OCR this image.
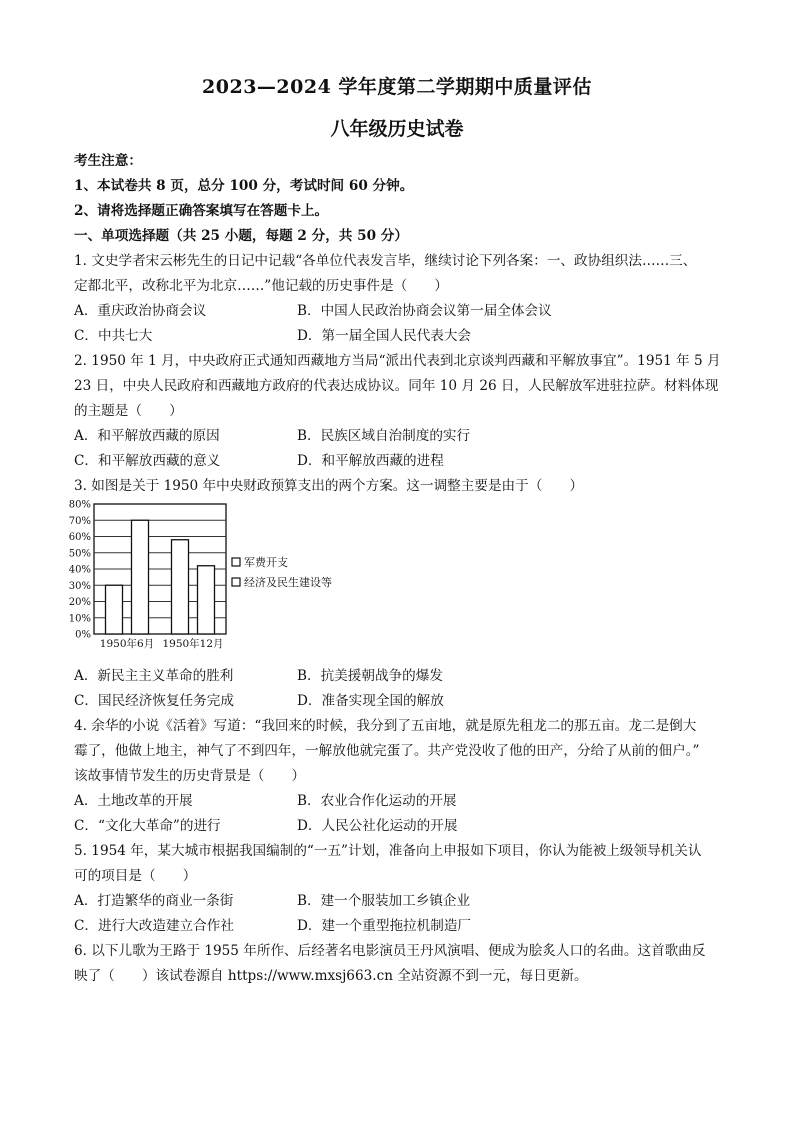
2023—2024 学年度第二学期期中质量评估
八年级历史试卷
考生注意：
1、本试卷共 8 页，总分 100 分，考试时间 60 分钟。
2、请将选择题正确答案填写在答题卡上。
一、单项选择题（共 25 小题，每题 2 分，共 50 分）
1. 文史学者宋云彬先生的日记中记载“各单位代表发言毕，继续讨论下列各案：一、政协组织法……三、
定都北平，改称北平为北京……”他记载的历史事件是（　　）
A．重庆政治协商会议	B．中国人民政治协商会议第一届全体会议
C．中共七大	D．第一届全国人民代表大会
2. 1950 年 1 月，中央政府正式通知西藏地方当局“派出代表到北京谈判西藏和平解放事宜”。1951 年 5 月
23 日，中央人民政府和西藏地方政府的代表达成协议。同年 10 月 26 日，人民解放军进驻拉萨。材料体现
的主题是（　　）
A．和平解放西藏的原因	B．民族区域自治制度的实行
C．和平解放西藏的意义	D．和平解放西藏的进程
3. 如图是关于 1950 年中央财政预算支出的两个方案。这一调整主要是由于（　　）
0%
10%
20%
30%
40%
50%
60%
70%
80%
1950年6月 1950年12月
军费开支
经济及民生建设等
A．新民主主义革命的胜利	B．抗美援朝战争的爆发
C．国民经济恢复任务完成	D．准备实现全国的解放
4. 余华的小说《活着》写道：“我回来的时候，我分到了五亩地，就是原先租龙二的那五亩。龙二是倒大
霉了，他做上地主，神气了不到四年，一解放他就完蛋了。共产党没收了他的田产，分给了从前的佃户。”
该故事情节发生的历史背景是（　　）
A．土地改革的开展	B．农业合作化运动的开展
C．“文化大革命”的进行	D．人民公社化运动的开展
5. 1954 年，某大城市根据我国编制的“一五”计划，准备向上申报如下项目，你认为能被上级领导机关认
可的项目是（　　）
A．打造繁华的商业一条街	B．建一个服装加工乡镇企业
C．进行大改造建立合作社	D．建一个重型拖拉机制造厂
6. 以下儿歌为王路于 1955 年所作、后经著名电影演员王丹风演唱、便成为脍炙人口的名曲。这首歌曲反
映了（　　）该试卷源自 https://www.mxsj663.cn 全站资源不到一元，每日更新。
